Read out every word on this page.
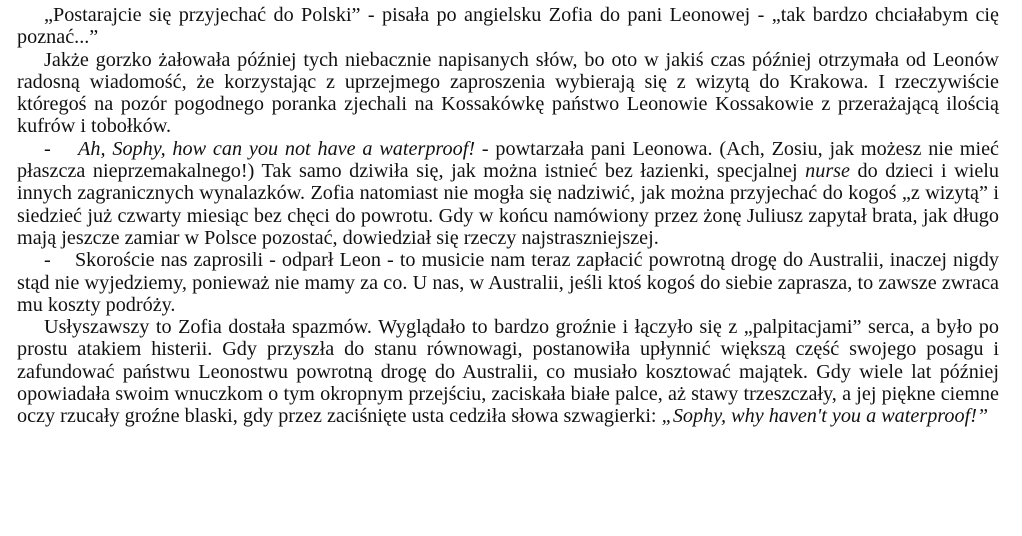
„Postarajcie się przyjechać do Polski” - pisała po angielsku Zofia do pani Leonowej - „tak bardzo chciałabym cię poznać...”

Jakże gorzko żałowała później tych niebacznie napisanych słów, bo oto w jakiś czas później otrzymała od Leonów radosną wiadomość, że korzystając z uprzejmego zaproszenia wybierają się z wizytą do Krakowa. I rzeczywiście któregoś na pozór pogodnego poranka zjechali na Kossakówkę państwo Leonowie Kossakowie z przerażającą ilością kufrów i tobołków.

- Ah, Sophy, how can you not have a waterproof! - powtarzała pani Leonowa. (Ach, Zosiu, jak możesz nie mieć płaszcza nieprzemakalnego!) Tak samo dziwiła się, jak można istnieć bez łazienki, specjalnej nurse do dzieci i wielu innych zagranicznych wynalazków. Zofia natomiast nie mogła się nadziwić, jak można przyjechać do kogoś „z wizytą” i siedzieć już czwarty miesiąc bez chęci do powrotu. Gdy w końcu namówiony przez żonę Juliusz zapytał brata, jak długo mają jeszcze zamiar w Polsce pozostać, dowiedział się rzeczy najstraszniejszej.

- Skoroście nas zaprosili - odparł Leon - to musicie nam teraz zapłacić powrotną drogę do Australii, inaczej nigdy stąd nie wyjedziemy, ponieważ nie mamy za co. U nas, w Australii, jeśli ktoś kogoś do siebie zaprasza, to zawsze zwraca mu koszty podróży.

Usłyszawszy to Zofia dostała spazmów. Wyglądało to bardzo groźnie i łączyło się z „palpitacjami” serca, a było po prostu atakiem histerii. Gdy przyszła do stanu równowagi, postanowiła upłynnić większą część swojego posagu i zafundować państwu Leonostwu powrotną drogę do Australii, co musiało kosztować majątek. Gdy wiele lat później opowiadała swoim wnuczkom o tym okropnym przejściu, zaciskała białe palce, aż stawy trzeszczały, a jej piękne ciemne oczy rzucały groźne blaski, gdy przez zaciśnięte usta cedziła słowa szwagierki: „Sophy, why haven't you a waterproof!”
